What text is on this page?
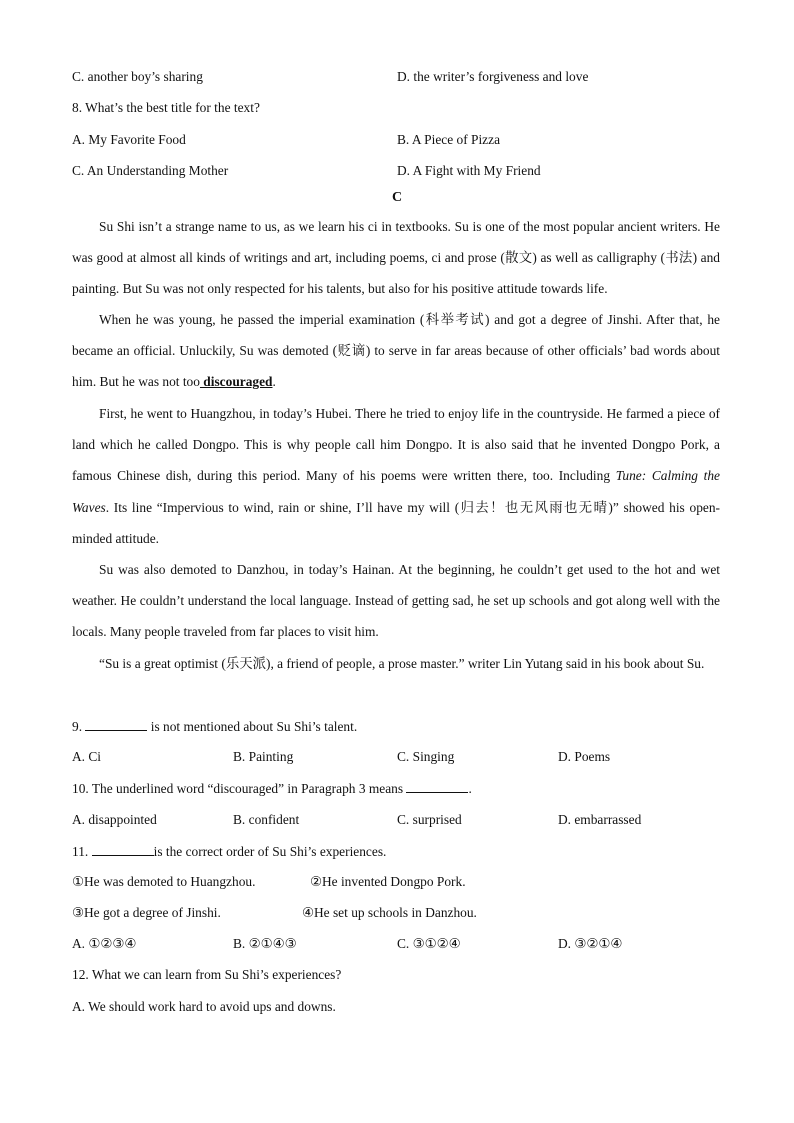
C. another boy’s sharing	D. the writer’s forgiveness and love
8. What’s the best title for the text?
A. My Favorite Food	B. A Piece of Pizza
C. An Understanding Mother	D. A Fight with My Friend
C
Su Shi isn’t a strange name to us, as we learn his ci in textbooks. Su is one of the most popular ancient writers. He was good at almost all kinds of writings and art, including poems, ci and prose (散文) as well as calligraphy (书法) and painting. But Su was not only respected for his talents, but also for his positive attitude towards life.
When he was young, he passed the imperial examination (科举考试) and got a degree of Jinshi. After that, he became an official. Unluckily, Su was demoted (贬谪) to serve in far areas because of other officials’ bad words about him. But he was not too discouraged.
First, he went to Huangzhou, in today’s Hubei. There he tried to enjoy life in the countryside. He farmed a piece of land which he called Dongpo. This is why people call him Dongpo. It is also said that he invented Dongpo Pork, a famous Chinese dish, during this period. Many of his poems were written there, too. Including Tune: Calming the Waves. Its line “Impervious to wind, rain or shine, I’ll have my will (归去！也无风雨也无晴)” showed his open-minded attitude.
Su was also demoted to Danzhou, in today’s Hainan. At the beginning, he couldn’t get used to the hot and wet weather. He couldn’t understand the local language. Instead of getting sad, he set up schools and got along well with the locals. Many people traveled from far places to visit him.
“Su is a great optimist (乐天派), a friend of people, a prose master.” writer Lin Yutang said in his book about Su.
9.	is not mentioned about Su Shi’s talent.
A. Ci	B. Painting	C. Singing	D. Poems
10. The underlined word “discouraged” in Paragraph 3 means	.
A. disappointed	B. confident	C. surprised	D. embarrassed
11.	is the correct order of Su Shi’s experiences.
①He was demoted to Huangzhou.	②He invented Dongpo Pork.
③He got a degree of Jinshi.	④He set up schools in Danzhou.
A. ①②③④	B. ②①④③	C. ③①②④	D. ③②①④
12. What we can learn from Su Shi’s experiences?
A. We should work hard to avoid ups and downs.
